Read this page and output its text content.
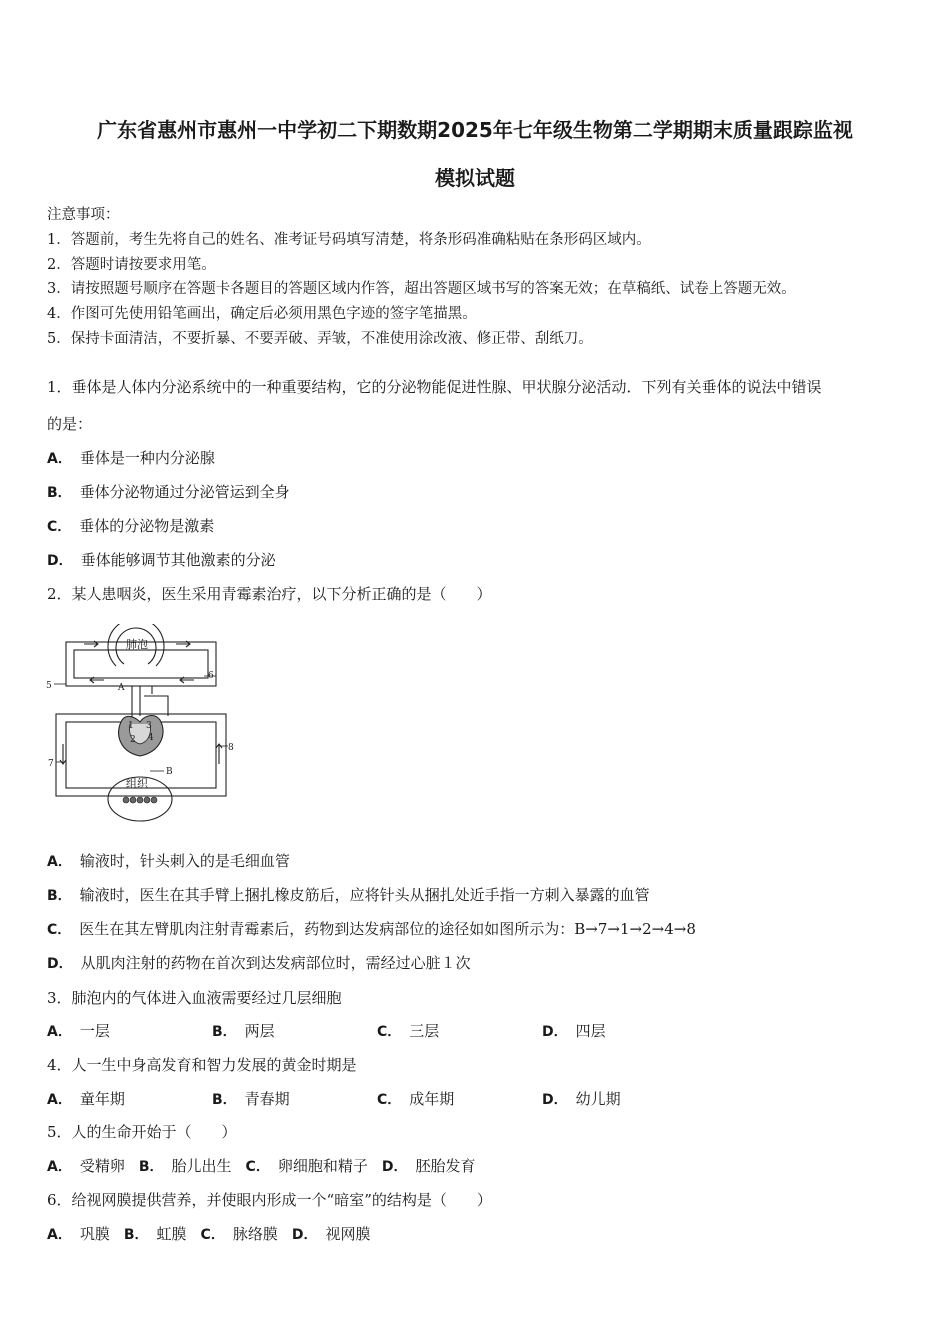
广东省惠州市惠州一中学初二下期数期2025年七年级生物第二学期期末质量跟踪监视
模拟试题
注意事项：
1．答题前，考生先将自己的姓名、准考证号码填写清楚，将条形码准确粘贴在条形码区域内。
2．答题时请按要求用笔。
3．请按照题号顺序在答题卡各题目的答题区域内作答，超出答题区域书写的答案无效；在草稿纸、试卷上答题无效。
4．作图可先使用铅笔画出，确定后必须用黑色字迹的签字笔描黑。
5．保持卡面清洁，不要折暴、不要弄破、弄皱，不准使用涂改液、修正带、刮纸刀。
1．垂体是人体内分泌系统中的一种重要结构，它的分泌物能促进性腺、甲状腺分泌活动．下列有关垂体的说法中错误
的是：
A． 垂体是一种内分泌腺
B． 垂体分泌物通过分泌管运到全身
C． 垂体的分泌物是激素
D． 垂体能够调节其他激素的分泌
2．某人患咽炎，医生采用青霉素治疗，以下分析正确的是（　　）
肺泡
组织
A
B
1
2
3
4
5
6
7
8
A． 输液时，针头刺入的是毛细血管
B． 输液时，医生在其手臂上捆扎橡皮筋后，应将针头从捆扎处近手指一方刺入暴露的血管
C． 医生在其左臂肌肉注射青霉素后，药物到达发病部位的途径如如图所示为：B→7→1→2→4→8
D． 从肌肉注射的药物在首次到达发病部位时，需经过心脏１次
3．肺泡内的气体进入血液需要经过几层细胞
A． 一层	B． 两层	C． 三层	D． 四层
4．人一生中身高发育和智力发展的黄金时期是
A． 童年期	B． 青春期	C． 成年期	D． 幼儿期
5．人的生命开始于（　　）
A． 受精卵 B． 胎儿出生 C． 卵细胞和精子 D． 胚胎发育
6．给视网膜提供营养，并使眼内形成一个“暗室”的结构是（　　）
A． 巩膜 B． 虹膜 C． 脉络膜 D． 视网膜
